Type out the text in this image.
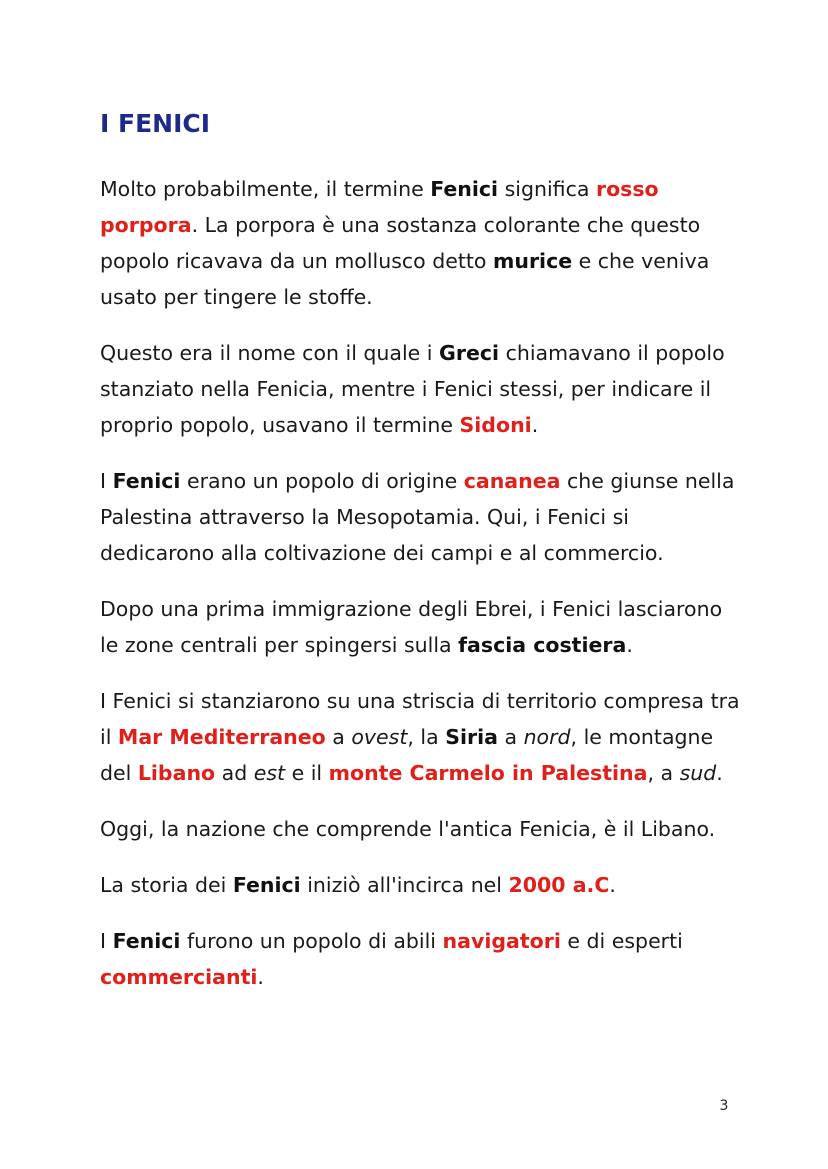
I FENICI

Molto probabilmente, il termine Fenici significa rosso porpora. La porpora è una sostanza colorante che questo popolo ricavava da un mollusco detto murice e che veniva usato per tingere le stoffe.

Questo era il nome con il quale i Greci chiamavano il popolo stanziato nella Fenicia, mentre i Fenici stessi, per indicare il proprio popolo, usavano il termine Sidoni.

I Fenici erano un popolo di origine cananea che giunse nella Palestina attraverso la Mesopotamia. Qui, i Fenici si dedicarono alla coltivazione dei campi e al commercio.

Dopo una prima immigrazione degli Ebrei, i Fenici lasciarono le zone centrali per spingersi sulla fascia costiera.

I Fenici si stanziarono su una striscia di territorio compresa tra il Mar Mediterraneo a ovest, la Siria a nord, le montagne del Libano ad est e il monte Carmelo in Palestina, a sud.

Oggi, la nazione che comprende l'antica Fenicia, è il Libano.

La storia dei Fenici iniziò all'incirca nel 2000 a.C.

I Fenici furono un popolo di abili navigatori e di esperti commercianti.

3
